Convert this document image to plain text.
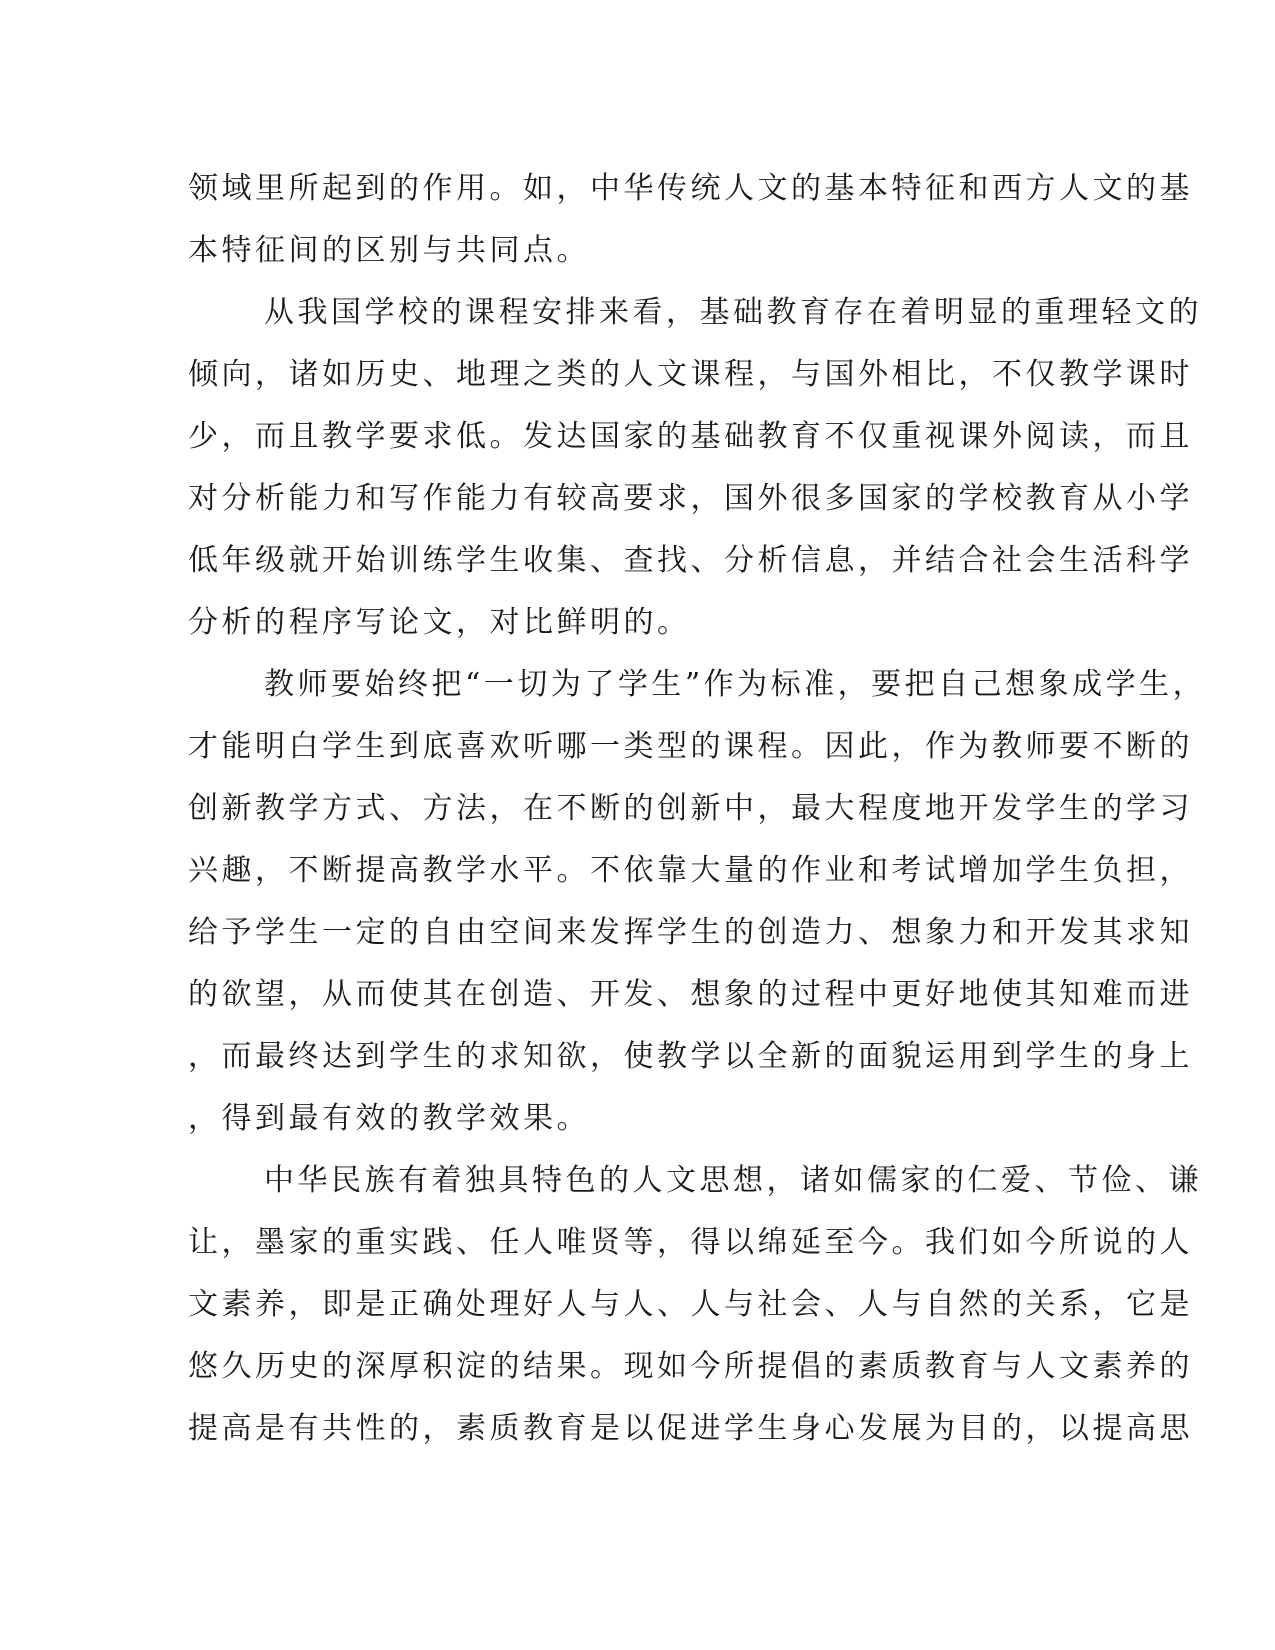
领域里所起到的作用。如，中华传统人文的基本特征和西方人文的基
本特征间的区别与共同点。
从我国学校的课程安排来看，基础教育存在着明显的重理轻文的
倾向，诸如历史、地理之类的人文课程，与国外相比，不仅教学课时
少，而且教学要求低。发达国家的基础教育不仅重视课外阅读，而且
对分析能力和写作能力有较高要求，国外很多国家的学校教育从小学
低年级就开始训练学生收集、查找、分析信息，并结合社会生活科学
分析的程序写论文，对比鲜明的。
教师要始终把“一切为了学生”作为标准，要把自己想象成学生，
才能明白学生到底喜欢听哪一类型的课程。因此，作为教师要不断的
创新教学方式、方法，在不断的创新中，最大程度地开发学生的学习
兴趣，不断提高教学水平。不依靠大量的作业和考试增加学生负担，
给予学生一定的自由空间来发挥学生的创造力、想象力和开发其求知
的欲望，从而使其在创造、开发、想象的过程中更好地使其知难而进
，而最终达到学生的求知欲，使教学以全新的面貌运用到学生的身上
，得到最有效的教学效果。
中华民族有着独具特色的人文思想，诸如儒家的仁爱、节俭、谦
让，墨家的重实践、任人唯贤等，得以绵延至今。我们如今所说的人
文素养，即是正确处理好人与人、人与社会、人与自然的关系，它是
悠久历史的深厚积淀的结果。现如今所提倡的素质教育与人文素养的
提高是有共性的，素质教育是以促进学生身心发展为目的，以提高思
